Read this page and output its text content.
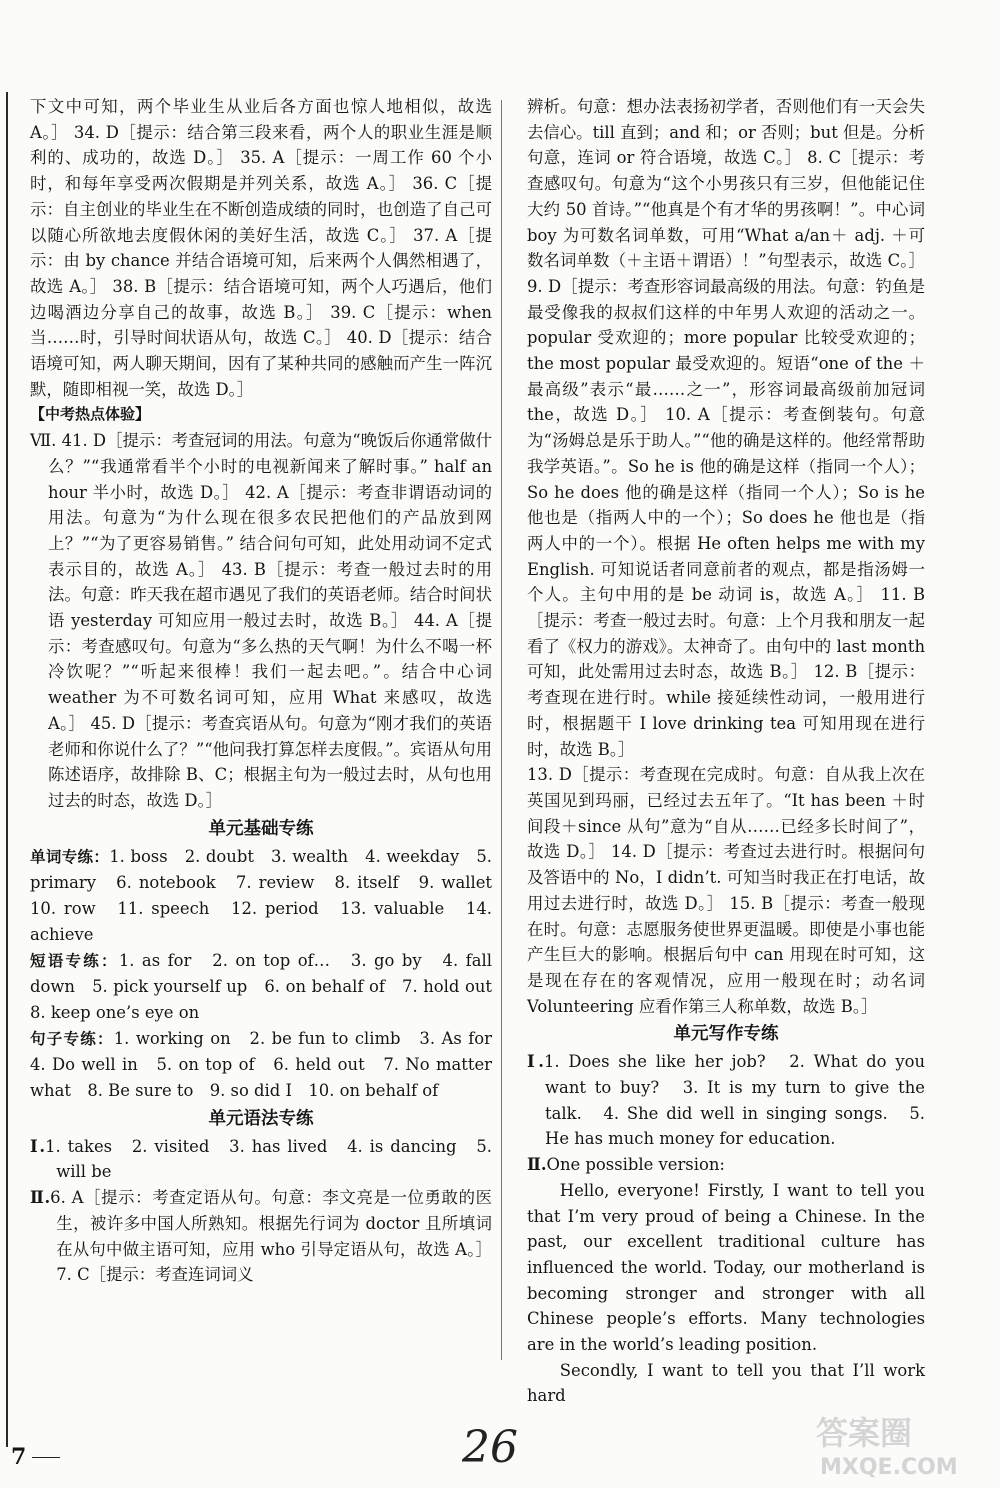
下文中可知，两个毕业生从业后各方面也惊人地相似，故选 A。］ 34. D［提示：结合第三段来看，两个人的职业生涯是顺利的、成功的，故选 D。］ 35. A［提示：一周工作 60 个小时，和每年享受两次假期是并列关系，故选 A。］ 36. C［提示：自主创业的毕业生在不断创造成绩的同时，也创造了自己可以随心所欲地去度假休闲的美好生活，故选 C。］ 37. A［提示：由 by chance 并结合语境可知，后来两个人偶然相遇了，故选 A。］ 38. B［提示：结合语境可知，两个人巧遇后，他们边喝酒边分享自己的故事，故选 B。］ 39. C［提示：when 当……时，引导时间状语从句，故选 C。］ 40. D［提示：结合语境可知，两人聊天期间，因有了某种共同的感触而产生一阵沉默，随即相视一笑，故选 D。］

【中考热点体验】

Ⅶ. 41. D［提示：考查冠词的用法。句意为“晚饭后你通常做什么？”“我通常看半个小时的电视新闻来了解时事。” half an hour 半小时，故选 D。］ 42. A［提示：考查非谓语动词的用法。句意为“为什么现在很多农民把他们的产品放到网上？”“为了更容易销售。” 结合问句可知，此处用动词不定式表示目的，故选 A。］ 43. B［提示：考查一般过去时的用法。句意：昨天我在超市遇见了我们的英语老师。结合时间状语 yesterday 可知应用一般过去时，故选 B。］ 44. A［提示：考查感叹句。句意为“多么热的天气啊！为什么不喝一杯冷饮呢？”“听起来很棒！我们一起去吧。”。结合中心词 weather 为不可数名词可知，应用 What 来感叹，故选 A。］ 45. D［提示：考查宾语从句。句意为“刚才我们的英语老师和你说什么了？”“他问我打算怎样去度假。”。宾语从句用陈述语序，故排除 B、C；根据主句为一般过去时，从句也用过去的时态，故选 D。］

单元基础专练

单词专练：1. boss　2. doubt　3. wealth　4. weekday　5. primary　6. notebook　7. review　8. itself　9. wallet　10. row　11. speech　12. period　13. valuable　14. achieve

短语专练：1. as for　2. on top of…　3. go by　4. fall down　5. pick yourself up　6. on behalf of　7. hold out　8. keep one’s eye on

句子专练：1. working on　2. be fun to climb　3. As for　4. Do well in　5. on top of　6. held out　7. No matter what　8. Be sure to　9. so did I　10. on behalf of

单元语法专练

Ⅰ.1. takes　2. visited　3. has lived　4. is dancing　5. will be

Ⅱ.6. A［提示：考查定语从句。句意：李文亮是一位勇敢的医生，被许多中国人所熟知。根据先行词为 doctor 且所填词在从句中做主语可知，应用 who 引导定语从句，故选 A。］ 7. C［提示：考查连词词义

辨析。句意：想办法表扬初学者，否则他们有一天会失去信心。till 直到；and 和；or 否则；but 但是。分析句意，连词 or 符合语境，故选 C。］ 8. C［提示：考查感叹句。句意为“这个小男孩只有三岁，但他能记住大约 50 首诗。”“他真是个有才华的男孩啊！”。中心词 boy 为可数名词单数，可用“What a/an＋ adj. ＋可数名词单数（＋主语＋谓语）！”句型表示，故选 C。］ 9. D［提示：考查形容词最高级的用法。句意：钓鱼是最受像我的叔叔们这样的中年男人欢迎的活动之一。popular 受欢迎的；more popular 比较受欢迎的；the most popular 最受欢迎的。短语“one of the ＋最高级”表示“最……之一”，形容词最高级前加冠词 the，故选 D。］ 10. A［提示：考查倒装句。句意为“汤姆总是乐于助人。”“他的确是这样的。他经常帮助我学英语。”。So he is 他的确是这样（指同一个人）；So he does 他的确是这样（指同一个人）；So is he 他也是（指两人中的一个）；So does he 他也是（指两人中的一个）。根据 He often helps me with my English. 可知说话者同意前者的观点，都是指汤姆一个人。主句中用的是 be 动词 is，故选 A。］ 11. B［提示：考查一般过去时。句意：上个月我和朋友一起看了《权力的游戏》。太神奇了。由句中的 last month 可知，此处需用过去时态，故选 B。］ 12. B［提示：考查现在进行时。while 接延续性动词，一般用进行时，根据题干 I love drinking tea 可知用现在进行时，故选 B。］

13. D［提示：考查现在完成时。句意：自从我上次在英国见到玛丽，已经过去五年了。“It has been ＋时间段＋since 从句”意为“自从……已经多长时间了”，故选 D。］ 14. D［提示：考查过去进行时。根据问句及答语中的 No，I didn’t. 可知当时我正在打电话，故用过去进行时，故选 D。］ 15. B［提示：考查一般现在时。句意：志愿服务使世界更温暖。即使是小事也能产生巨大的影响。根据后句中 can 用现在时可知，这是现在存在的客观情况，应用一般现在时；动名词 Volunteering 应看作第三人称单数，故选 B。］

单元写作专练

Ⅰ.1. Does she like her job?　2. What do you want to buy?　3. It is my turn to give the talk.　4. She did well in singing songs.　5. He has much money for education.

Ⅱ.One possible version:

Hello, everyone! Firstly, I want to tell you that I’m very proud of being a Chinese. In the past, our excellent traditional culture has influenced the world. Today, our motherland is becoming stronger and stronger with all Chinese people’s efforts. Many technologies are in the world’s leading position.

Secondly, I want to tell you that I’ll work hard

7	26	答案圈
MXQE.COM
